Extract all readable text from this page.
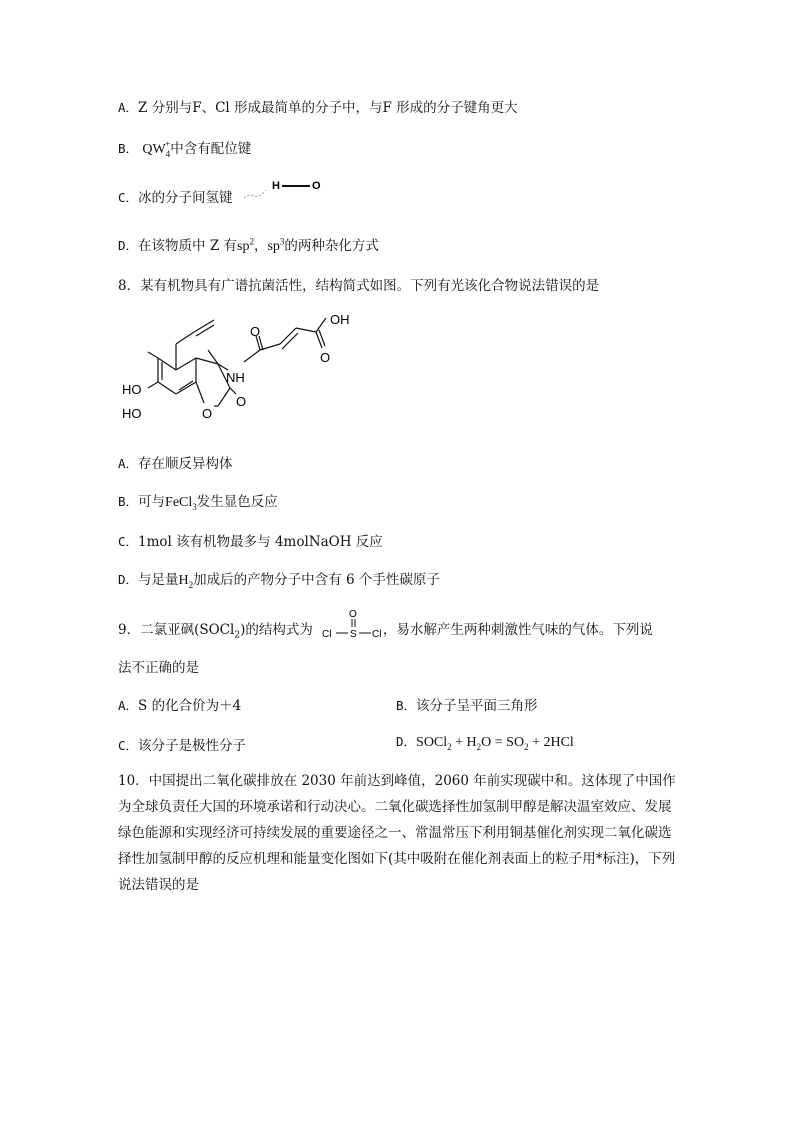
A．Z 分别与F、Cl 形成最简单的分子中，与F 形成的分子键角更大
B． $QW_4^+$中含有配位键
C．冰的分子间氢键
H	O
D．在该物质中 Z 有$sp^2$，$sp^3$的两种杂化方式
8．某有机物具有广谱抗菌活性，结构简式如图。下列有光该化合物说法错误的是
OH
O
O
NH
HO
HO	O
O
A．存在顺反异构体
B．可与FeCl$_3$发生显色反应
C．1mol 该有机物最多与 4molNaOH 反应
D．与足量$H_2$加成后的产物分子中含有 6 个手性碳原子
9．二氯亚砜(SOCl$_2$)的结构式为	，易水解产生两种刺激性气味的气体。下列说
O
S
Cl	Cl
法不正确的是
A．S 的化合价为＋4	B．该分子呈平面三角形
C．该分子是极性分子	D．SOCl$_2$ + $H_2O = SO_2 + 2HCl$
10．中国提出二氧化碳排放在 2030 年前达到峰值，2060 年前实现碳中和。这体现了中国作为全球负责任大国的环境承诺和行动决心。二氧化碳选择性加氢制甲醇是解决温室效应、发展绿色能源和实现经济可持续发展的重要途径之一、常温常压下利用铜基催化剂实现二氧化碳选择性加氢制甲醇的反应机理和能量变化图如下(其中吸附在催化剂表面上的粒子用*标注)，下列说法错误的是
